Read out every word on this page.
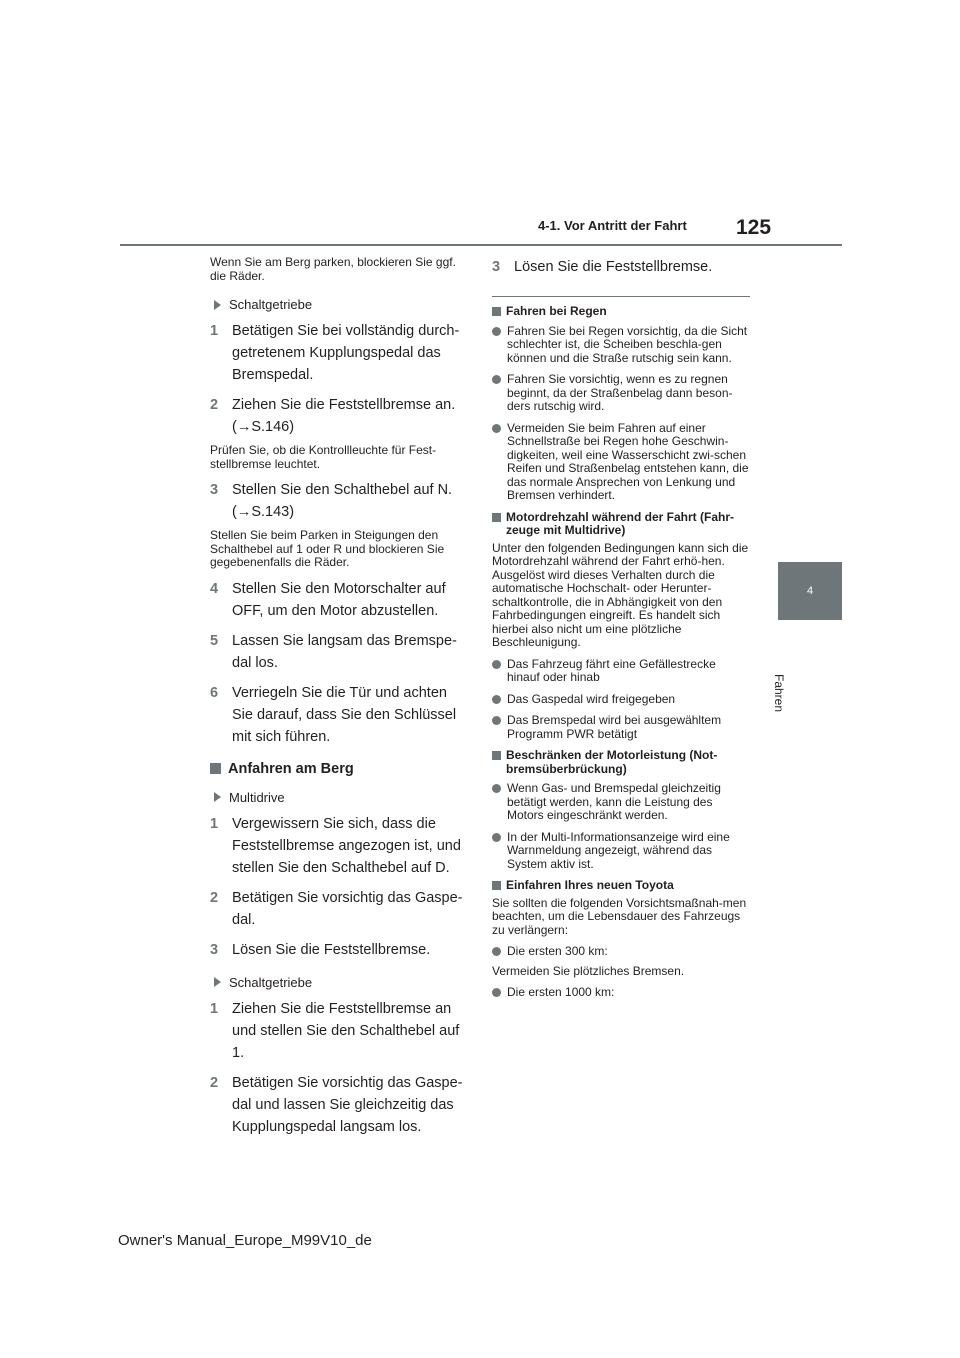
4-1. Vor Antritt der Fahrt 125
4
Fahren
Wenn Sie am Berg parken, blockieren Sie ggf. die Räder.
Schaltgetriebe
1 Betätigen Sie bei vollständig durch-getretenem Kupplungspedal das Bremspedal.
2 Ziehen Sie die Feststellbremse an. (→S.146)
Prüfen Sie, ob die Kontrollleuchte für Fest-stellbremse leuchtet.
3 Stellen Sie den Schalthebel auf N. (→S.143)
Stellen Sie beim Parken in Steigungen den Schalthebel auf 1 oder R und blockieren Sie gegebenenfalls die Räder.
4 Stellen Sie den Motorschalter auf OFF, um den Motor abzustellen.
5 Lassen Sie langsam das Bremspe-dal los.
6 Verriegeln Sie die Tür und achten Sie darauf, dass Sie den Schlüssel mit sich führen.
Anfahren am Berg
Multidrive
1 Vergewissern Sie sich, dass die Feststellbremse angezogen ist, und stellen Sie den Schalthebel auf D.
2 Betätigen Sie vorsichtig das Gaspe-dal.
3 Lösen Sie die Feststellbremse.
Schaltgetriebe
1 Ziehen Sie die Feststellbremse an und stellen Sie den Schalthebel auf 1.
2 Betätigen Sie vorsichtig das Gaspe-dal und lassen Sie gleichzeitig das Kupplungspedal langsam los.
3 Lösen Sie die Feststellbremse.
Fahren bei Regen
Fahren Sie bei Regen vorsichtig, da die Sicht schlechter ist, die Scheiben beschla-gen können und die Straße rutschig sein kann.
Fahren Sie vorsichtig, wenn es zu regnen beginnt, da der Straßenbelag dann beson-ders rutschig wird.
Vermeiden Sie beim Fahren auf einer Schnellstraße bei Regen hohe Geschwin-digkeiten, weil eine Wasserschicht zwi-schen Reifen und Straßenbelag entstehen kann, die das normale Ansprechen von Lenkung und Bremsen verhindert.
Motordrehzahl während der Fahrt (Fahr-zeuge mit Multidrive)
Unter den folgenden Bedingungen kann sich die Motordrehzahl während der Fahrt erhö-hen. Ausgelöst wird dieses Verhalten durch die automatische Hochschalt- oder Herunter-schaltkontrolle, die in Abhängigkeit von den Fahrbedingungen eingreift. Es handelt sich hierbei also nicht um eine plötzliche Beschleunigung.
Das Fahrzeug fährt eine Gefällestrecke hinauf oder hinab
Das Gaspedal wird freigegeben
Das Bremspedal wird bei ausgewähltem Programm PWR betätigt
Beschränken der Motorleistung (Not-bremsüberbrückung)
Wenn Gas- und Bremspedal gleichzeitig betätigt werden, kann die Leistung des Motors eingeschränkt werden.
In der Multi-Informationsanzeige wird eine Warnmeldung angezeigt, während das System aktiv ist.
Einfahren Ihres neuen Toyota
Sie sollten die folgenden Vorsichtsmaßnah-men beachten, um die Lebensdauer des Fahrzeugs zu verlängern:
Die ersten 300 km:
Vermeiden Sie plötzliches Bremsen.
Die ersten 1000 km:
Owner's Manual_Europe_M99V10_de
